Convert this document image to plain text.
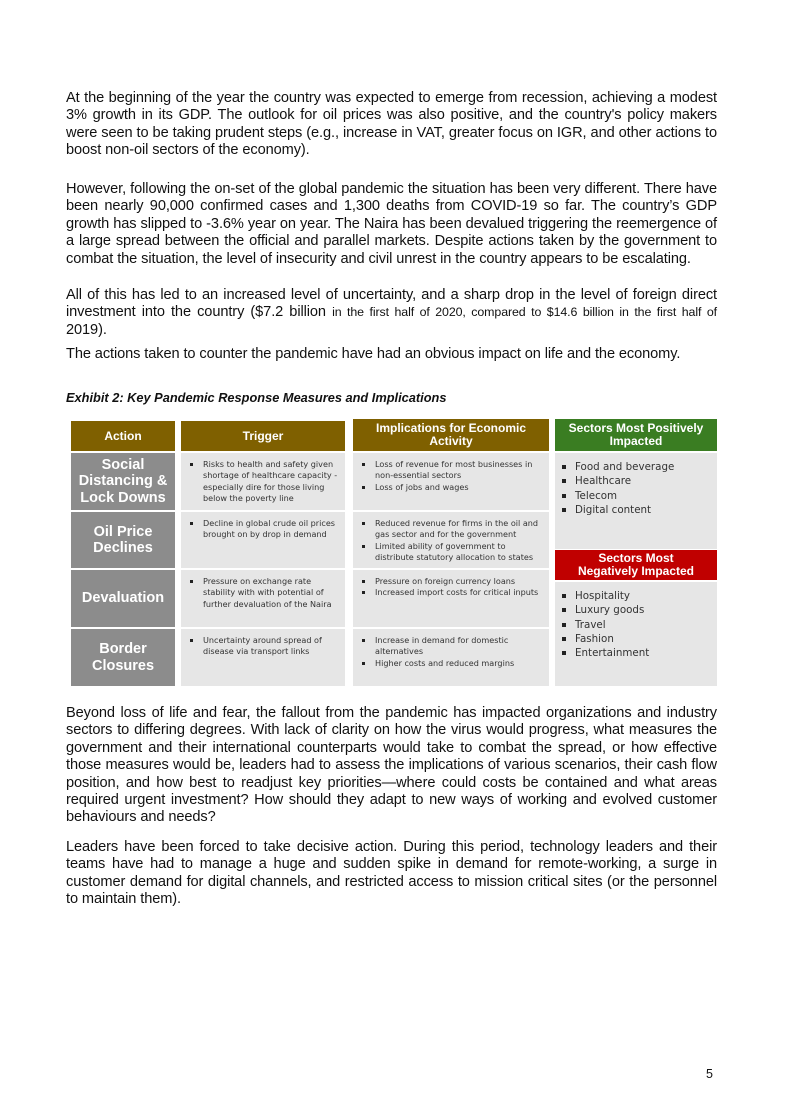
At the beginning of the year the country was expected to emerge from recession, achieving a modest 3% growth in its GDP. The outlook for oil prices was also positive, and the country's policy makers were seen to be taking prudent steps (e.g., increase in VAT, greater focus on IGR, and other actions to boost non-oil sectors of the economy).

However, following the on-set of the global pandemic the situation has been very different. There have been nearly 90,000 confirmed cases and 1,300 deaths from COVID-19 so far. The country’s GDP growth has slipped to -3.6% year on year. The Naira has been devalued triggering the reemergence of a large spread between the official and parallel markets. Despite actions taken by the government to combat the situation, the level of insecurity and civil unrest in the country appears to be escalating.

All of this has led to an increased level of uncertainty, and a sharp drop in the level of foreign direct investment into the country ($7.2 billion in the first half of 2020, compared to $14.6 billion in the first half of 2019).

The actions taken to counter the pandemic have had an obvious impact on life and the economy.

Exhibit 2: Key Pandemic Response Measures and Implications

Action	Trigger
Implications for Economic Activity
Sectors Most Positively Impacted
Social Distancing & Lock Downs
Risks to health and safety given shortage of healthcare capacity - especially dire for those living below the poverty line
Loss of revenue for most businesses in non-essential sectors
Loss of jobs and wages
Oil Price Declines
Decline in global crude oil prices brought on by drop in demand
Reduced revenue for firms in the oil and gas sector and for the government
Limited ability of government to distribute statutory allocation to states
Devaluation
Pressure on exchange rate stability with with potential of further devaluation of the Naira
Pressure on foreign currency loans
Increased import costs for critical inputs
Border Closures
Uncertainty around spread of disease via transport links
Increase in demand for domestic alternatives
Higher costs and reduced margins
Food and beverage
Healthcare
Telecom
Digital content
Sectors Most Negatively Impacted
Hospitality
Luxury goods
Travel
Fashion
Entertainment

Beyond loss of life and fear, the fallout from the pandemic has impacted organizations and industry sectors to differing degrees. With lack of clarity on how the virus would progress, what measures the government and their international counterparts would take to combat the spread, or how effective those measures would be, leaders had to assess the implications of various scenarios, their cash flow position, and how best to readjust key priorities—where could costs be contained and what areas required urgent investment? How should they adapt to new ways of working and evolved customer behaviours and needs?

Leaders have been forced to take decisive action. During this period, technology leaders and their teams have had to manage a huge and sudden spike in demand for remote-working, a surge in customer demand for digital channels, and restricted access to mission critical sites (or the personnel to maintain them).

5
